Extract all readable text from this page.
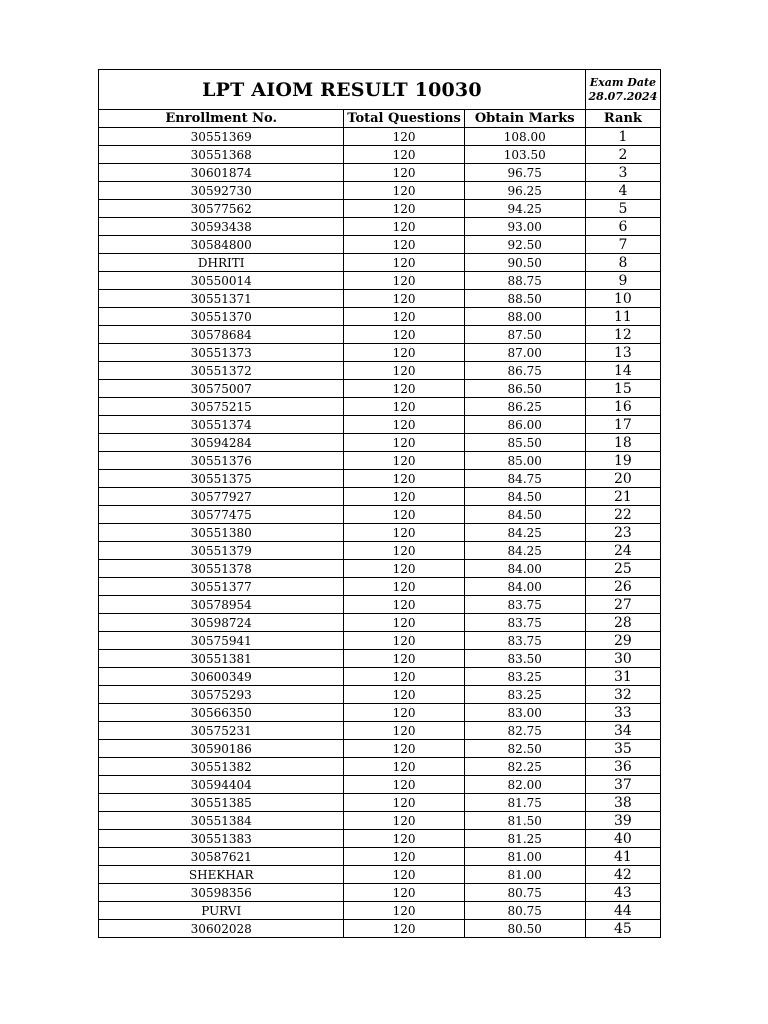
LPT AIOM RESULT 10030			Exam Date
28.07.2024

Enrollment No.	Total Questions	Obtain Marks	Rank
30551369	120	108.00	1
30551368	120	103.50	2
30601874	120	96.75	3
30592730	120	96.25	4
30577562	120	94.25	5
30593438	120	93.00	6
30584800	120	92.50	7
DHRITI	120	90.50	8
30550014	120	88.75	9
30551371	120	88.50	10
30551370	120	88.00	11
30578684	120	87.50	12
30551373	120	87.00	13
30551372	120	86.75	14
30575007	120	86.50	15
30575215	120	86.25	16
30551374	120	86.00	17
30594284	120	85.50	18
30551376	120	85.00	19
30551375	120	84.75	20
30577927	120	84.50	21
30577475	120	84.50	22
30551380	120	84.25	23
30551379	120	84.25	24
30551378	120	84.00	25
30551377	120	84.00	26
30578954	120	83.75	27
30598724	120	83.75	28
30575941	120	83.75	29
30551381	120	83.50	30
30600349	120	83.25	31
30575293	120	83.25	32
30566350	120	83.00	33
30575231	120	82.75	34
30590186	120	82.50	35
30551382	120	82.25	36
30594404	120	82.00	37
30551385	120	81.75	38
30551384	120	81.50	39
30551383	120	81.25	40
30587621	120	81.00	41
SHEKHAR	120	81.00	42
30598356	120	80.75	43
PURVI	120	80.75	44
30602028	120	80.50	45
